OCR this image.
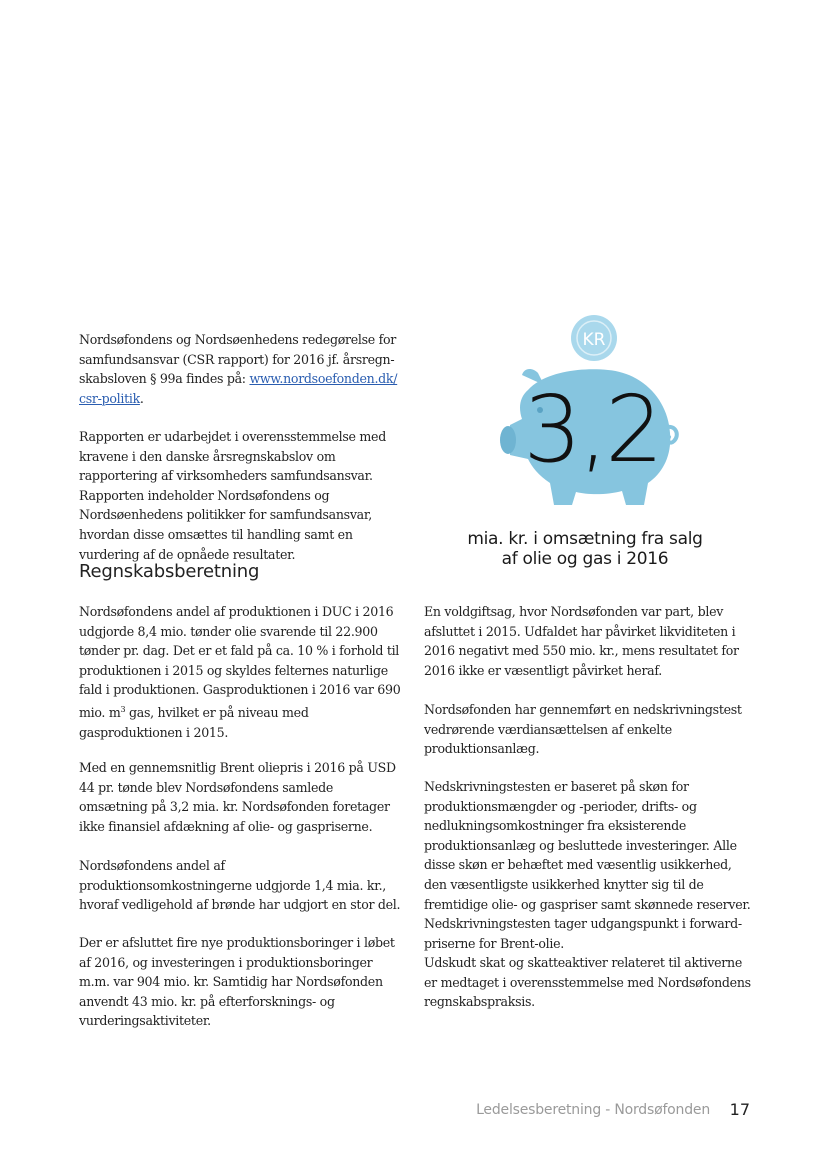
Nordsøfondens og Nordsøenhedens redegørelse for
samfundsansvar (CSR rapport) for 2016 jf. årsregn-
skabsloven § 99a findes på: www.nordsoefonden.dk/
csr-politik.

Rapporten er udarbejdet i overensstemmelse med kravene i den danske årsregnskabslov om rapportering af virksomheders samfundsansvar. Rapporten indeholder Nordsøfondens og Nordsøenhedens politikker for samfundsansvar, hvordan disse omsættes til handling samt en vurdering af de opnåede resultater.

Regnskabsberetning

Nordsøfondens andel af produktionen i DUC i 2016 udgjorde 8,4 mio. tønder olie svarende til 22.900 tønder pr. dag. Det er et fald på ca. 10 % i forhold til produktionen i 2015 og skyldes felternes naturlige fald i produktionen. Gasproduktionen i 2016 var 690 mio. $m^3$ gas, hvilket er på niveau med gasproduktionen i 2015.

Med en gennemsnitlig Brent oliepris i 2016 på USD 44 pr. tønde blev Nordsøfondens samlede omsætning på 3,2 mia. kr. Nordsøfonden foretager ikke finansiel afdækning af olie- og gaspriserne.

Nordsøfondens andel af produktionsomkostningerne udgjorde 1,4 mia. kr., hvoraf vedligehold af brønde har udgjort en stor del.

Der er afsluttet fire nye produktionsboringer i løbet af 2016, og investeringen i produktionsboringer m.m. var 904 mio. kr. Samtidig har Nordsøfonden anvendt 43 mio. kr. på efterforsknings- og vurderingsaktiviteter.

KR
3,2
mia. kr. i omsætning fra salg
af olie og gas i 2016

En voldgiftsag, hvor Nordsøfonden var part, blev afsluttet i 2015. Udfaldet har påvirket likviditeten i 2016 negativt med 550 mio. kr., mens resultatet for 2016 ikke er væsentligt påvirket heraf.

Nordsøfonden har gennemført en nedskrivningstest vedrørende værdiansættelsen af enkelte produktionsanlæg.

Nedskrivningstesten er baseret på skøn for produktionsmængder og -perioder, drifts- og nedlukningsomkostninger fra eksisterende produktionsanlæg og besluttede investeringer. Alle disse skøn er behæftet med væsentlig usikkerhed, den væsentligste usikkerhed knytter sig til de fremtidige olie- og gaspriser samt skønnede reserver. Nedskrivningstesten tager udgangspunkt i forward-priserne for Brent-olie.

Udskudt skat og skatteaktiver relateret til aktiverne er medtaget i overensstemmelse med Nordsøfondens regnskabspraksis.

Ledelsesberetning - Nordsøfonden 17
